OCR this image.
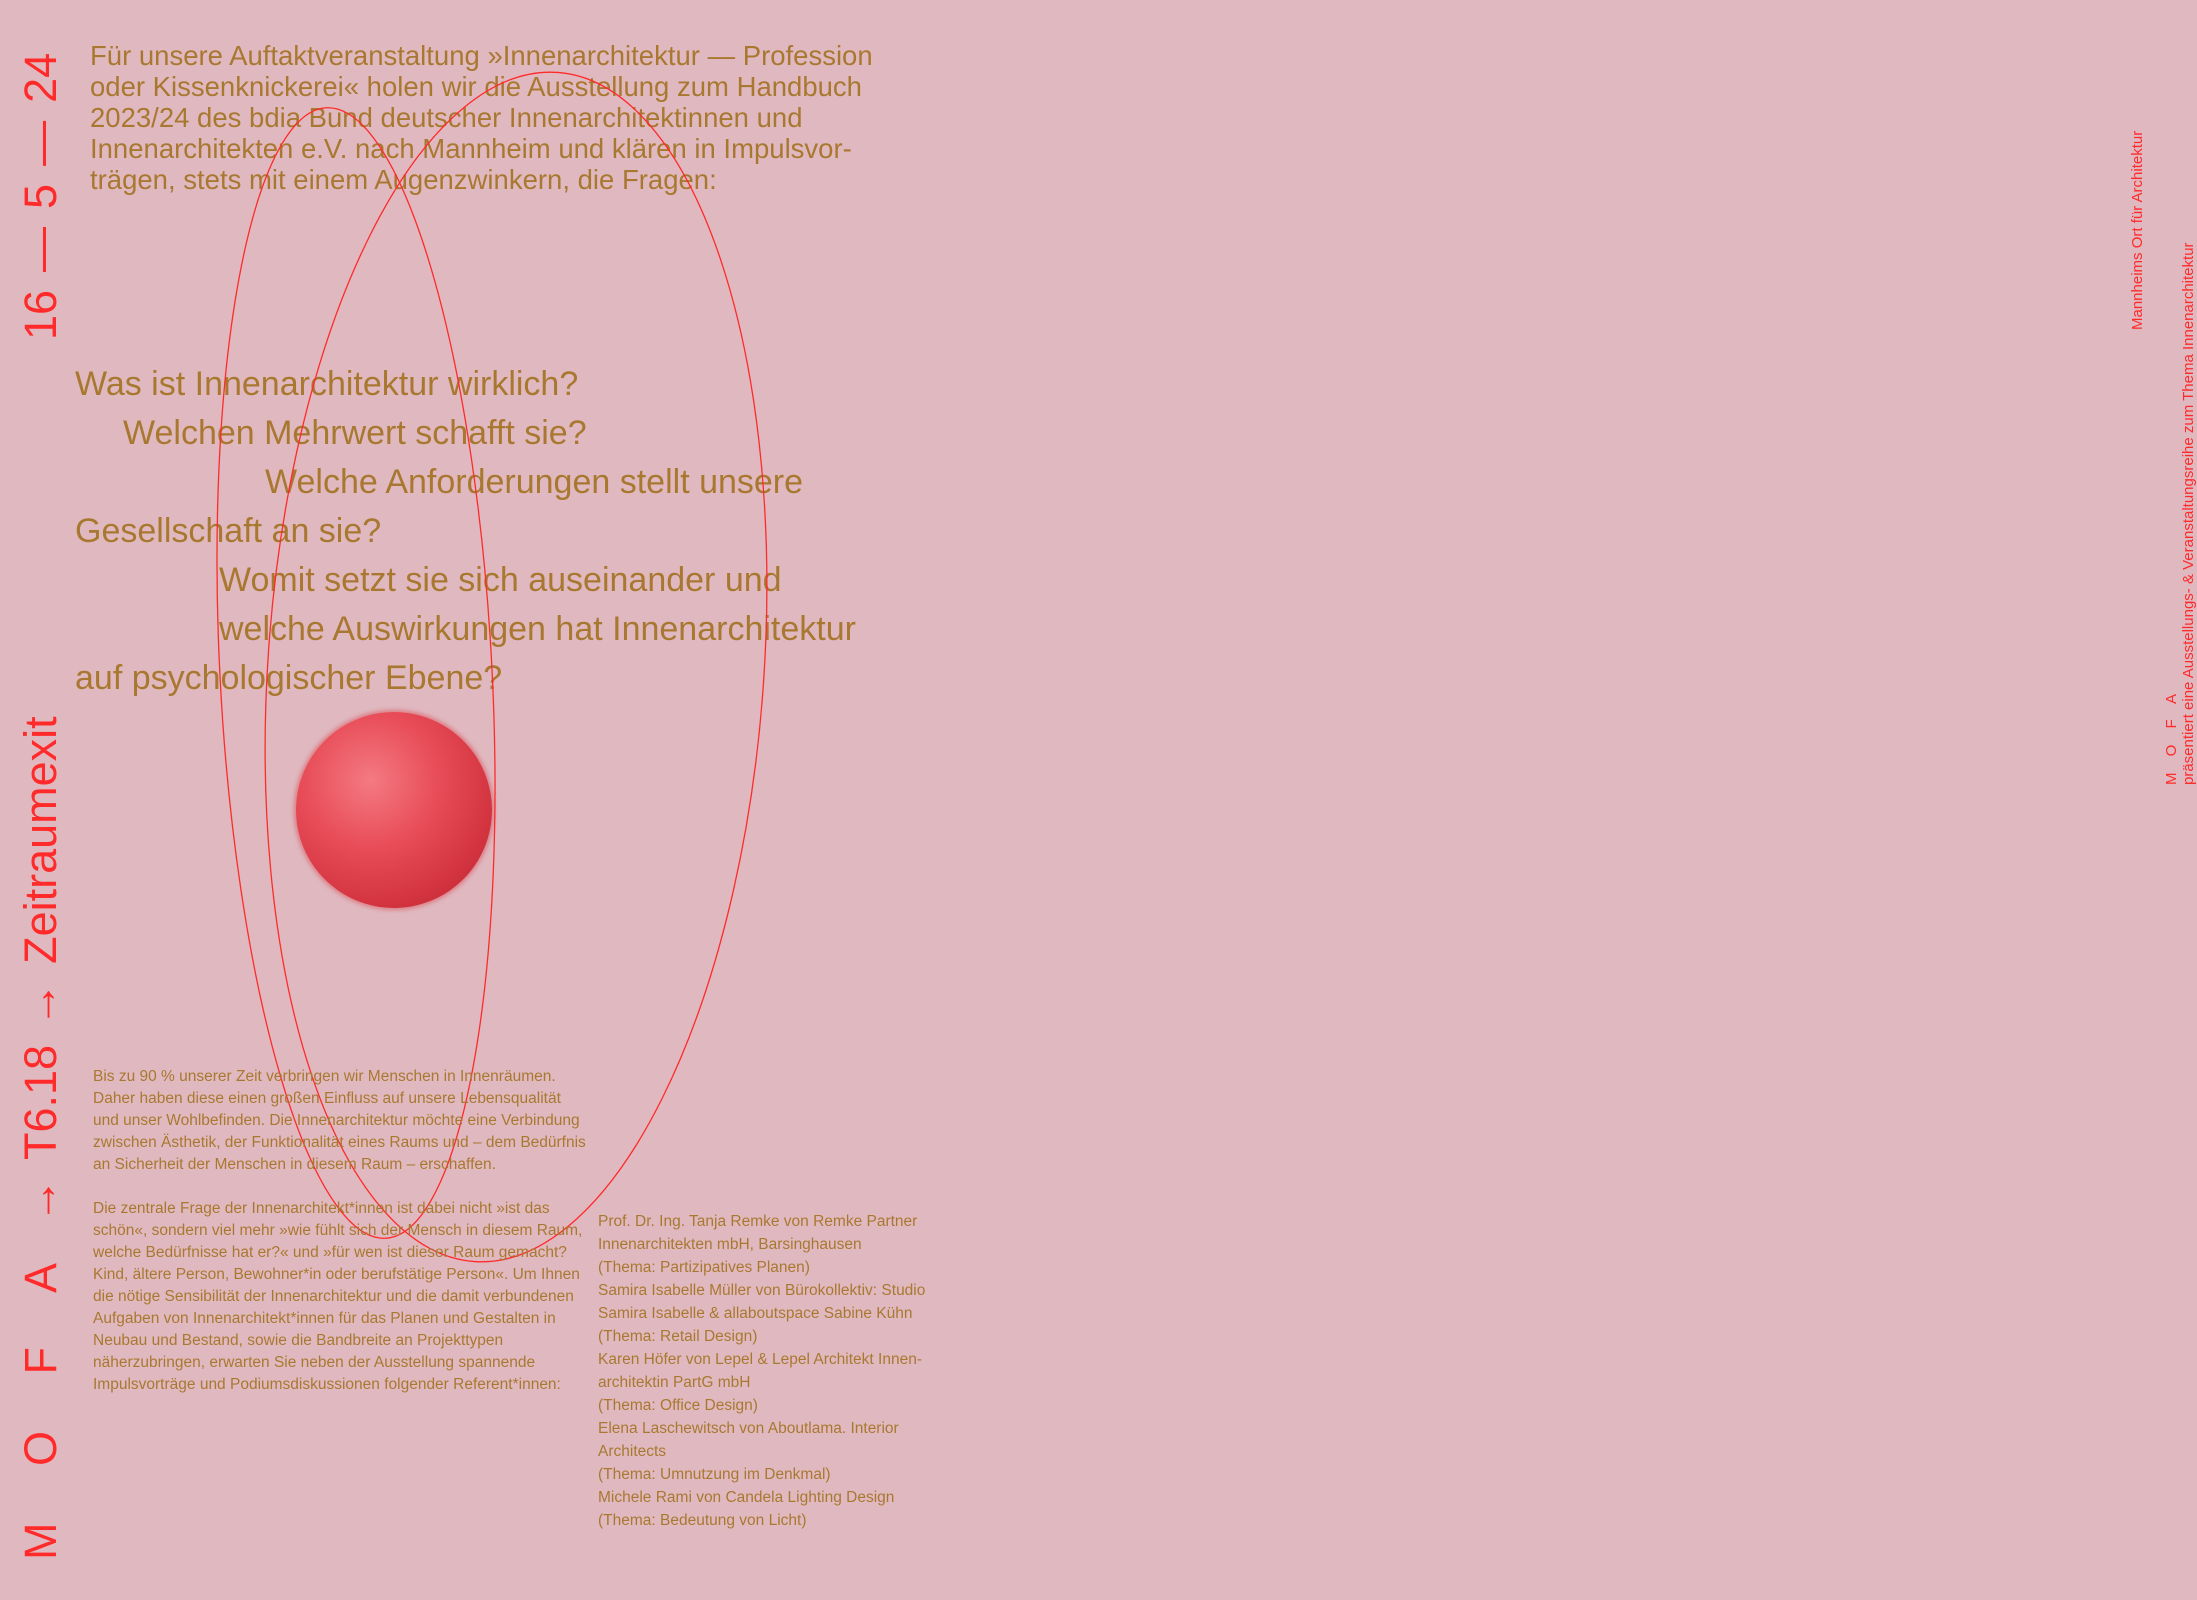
M O F A→T6.18→Zeitraumexit
16—5—24
M O F A präsentiert eine Ausstellungs- & Veranstaltungsreihe zum Thema Innenarchitektur
Mannheims Ort für Architektur
Für unsere Auftaktveranstaltung »Innenarchitektur — Profession
oder Kissenknickerei« holen wir die Ausstellung zum Handbuch
2023/24 des bdia Bund deutscher Innenarchitektinnen und
Innenarchitekten e.V. nach Mannheim und klären in Impulsvor-
trägen, stets mit einem Augenzwinkern, die Fragen:
Was ist Innenarchitektur wirklich?
Welchen Mehrwert schafft sie?
Welche Anforderungen stellt unsere
Gesellschaft an sie?
Womit setzt sie sich auseinander und
welche Auswirkungen hat Innenarchitektur
auf psychologischer Ebene?

Bis zu 90 % unserer Zeit verbringen wir Menschen in Innenräumen. Daher haben diese einen großen Einfluss auf unsere Lebensqualität und unser Wohlbefinden. Die Innenarchitektur möchte eine Verbindung zwischen Ästhetik, der Funktionalität eines Raums und – dem Bedürfnis an Sicherheit der Menschen in diesem Raum – erschaffen.

Die zentrale Frage der Innenarchitekt*innen ist dabei nicht »ist das schön«, sondern viel mehr »wie fühlt sich der Mensch in diesem Raum, welche Bedürfnisse hat er?« und »für wen ist dieser Raum gemacht? Kind, ältere Person, Bewohner*in oder berufstätige Person«. Um Ihnen die nötige Sensibilität der Innenarchitektur und die damit verbundenen Aufgaben von Innenarchitekt*innen für das Planen und Gestalten in Neubau und Bestand, sowie die Bandbreite an Projekttypen näherzubringen, erwarten Sie neben der Ausstellung spannende Impulsvorträge und Podiumsdiskussionen folgender Referent*innen:

Prof. Dr. Ing. Tanja Remke von Remke Partner
Innenarchitekten mbH, Barsinghausen
(Thema: Partizipatives Planen)
Samira Isabelle Müller von Bürokollektiv: Studio
Samira Isabelle & allaboutspace Sabine Kühn
(Thema: Retail Design)
Karen Höfer von Lepel & Lepel Architekt Innen-
architektin PartG mbH
(Thema: Office Design)
Elena Laschewitsch von Aboutlama. Interior
Architects
(Thema: Umnutzung im Denkmal)
Michele Rami von Candela Lighting Design
(Thema: Bedeutung von Licht)
